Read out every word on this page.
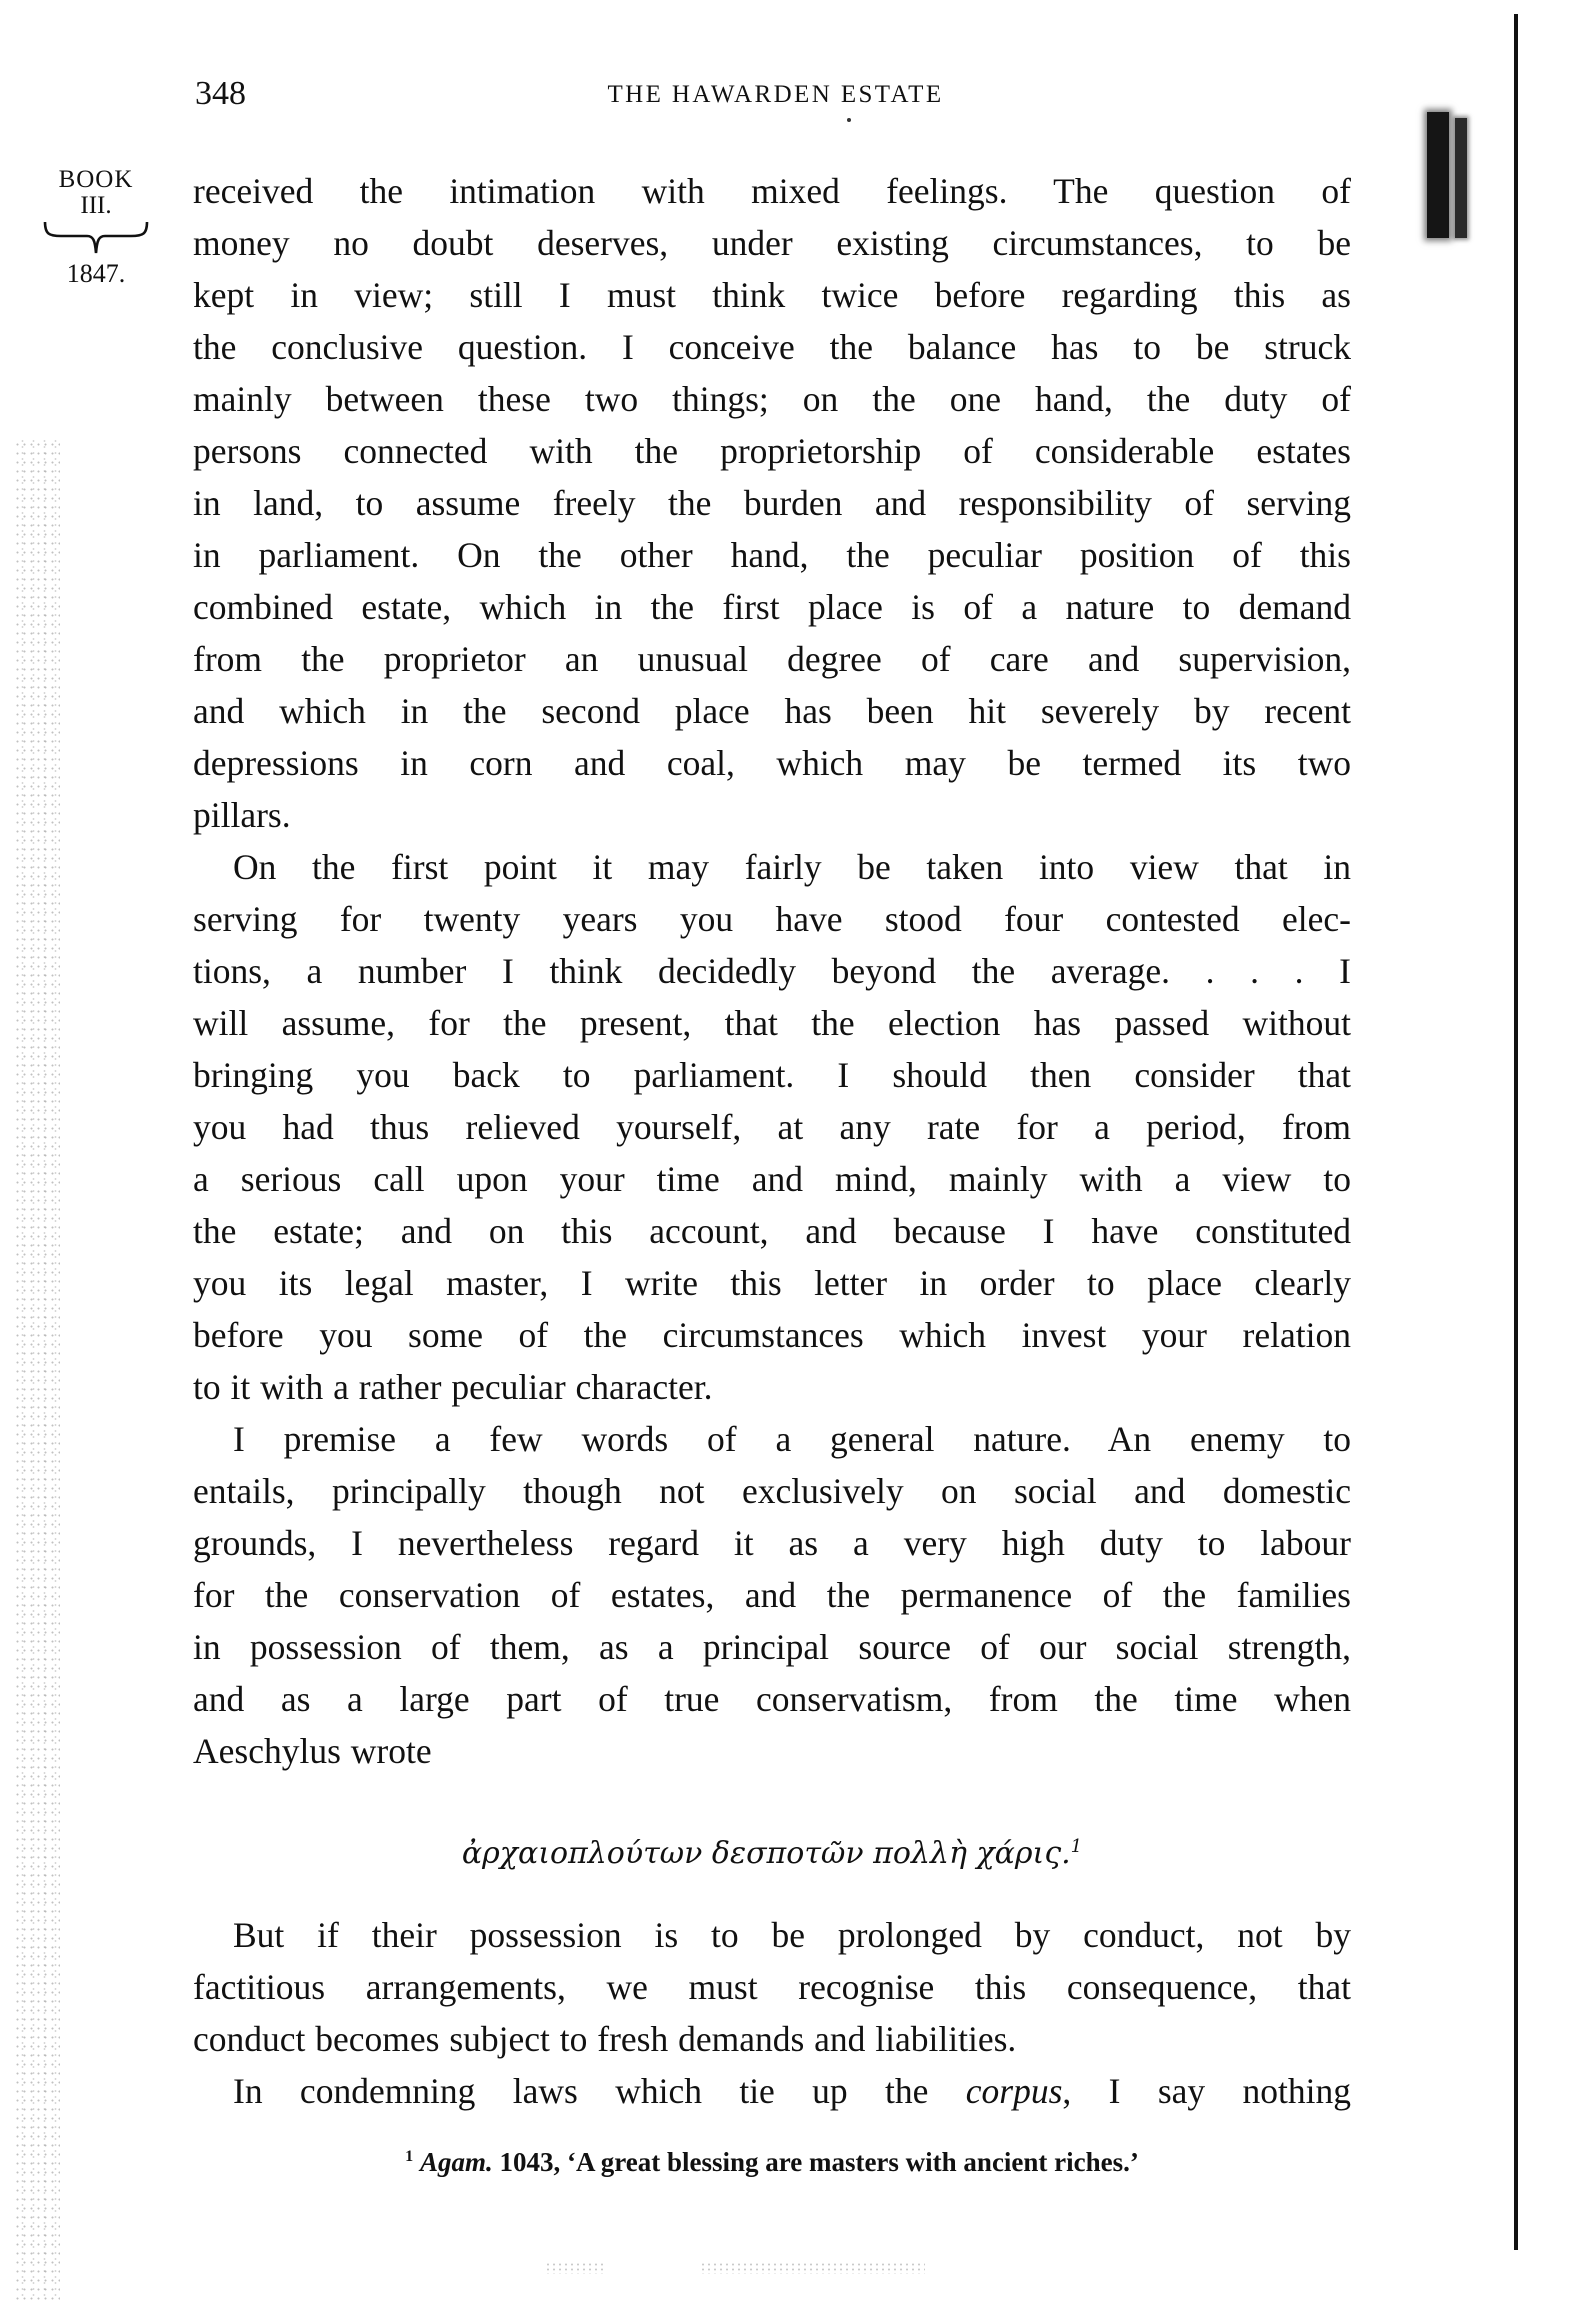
348	THE HAWARDEN ESTATE
BOOK
III.
1847.
received the intimation with mixed feelings. The question of
money no doubt deserves, under existing circumstances, to be
kept in view; still I must think twice before regarding this as
the conclusive question. I conceive the balance has to be struck
mainly between these two things; on the one hand, the duty of
persons connected with the proprietorship of considerable estates
in land, to assume freely the burden and responsibility of serving
in parliament. On the other hand, the peculiar position of this
combined estate, which in the first place is of a nature to demand
from the proprietor an unusual degree of care and supervision,
and which in the second place has been hit severely by recent
depressions in corn and coal, which may be termed its two
pillars.
On the first point it may fairly be taken into view that in
serving for twenty years you have stood four contested elec-
tions, a number I think decidedly beyond the average. . . . I
will assume, for the present, that the election has passed without
bringing you back to parliament. I should then consider that
you had thus relieved yourself, at any rate for a period, from
a serious call upon your time and mind, mainly with a view to
the estate; and on this account, and because I have constituted
you its legal master, I write this letter in order to place clearly
before you some of the circumstances which invest your relation
to it with a rather peculiar character.
I premise a few words of a general nature. An enemy to
entails, principally though not exclusively on social and domestic
grounds, I nevertheless regard it as a very high duty to labour
for the conservation of estates, and the permanence of the families
in possession of them, as a principal source of our social strength,
and as a large part of true conservatism, from the time when
Aeschylus wrote
ἀρχαιοπλούτων δεσποτῶν πολλὴ χάρις.$^1$
But if their possession is to be prolonged by conduct, not by
factitious arrangements, we must recognise this consequence, that
conduct becomes subject to fresh demands and liabilities.
In condemning laws which tie up the corpus, I say nothing
$^1$ Agam. 1043, ‘A great blessing are masters with ancient riches.’
